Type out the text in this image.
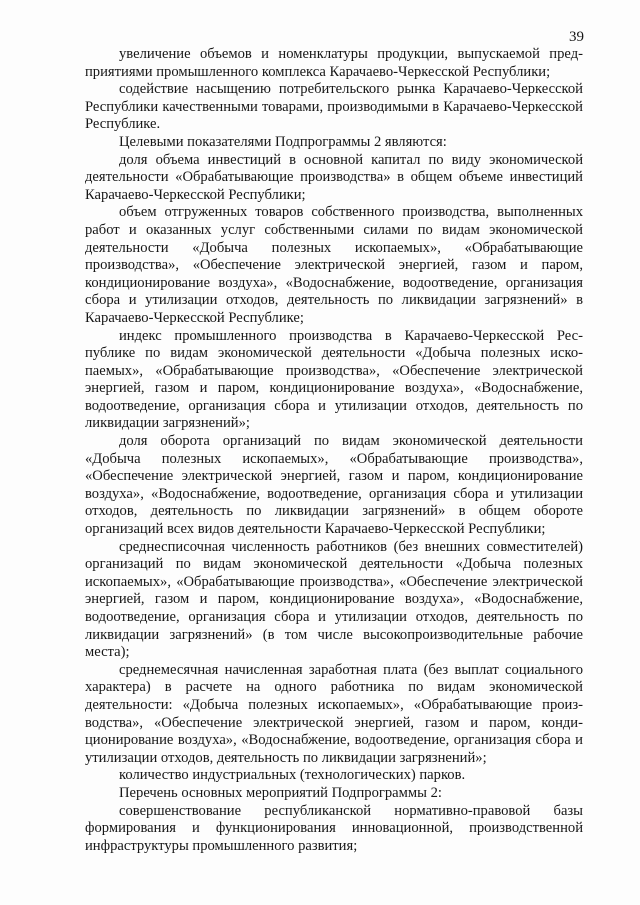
39

увеличение объемов и номенклатуры продукции, выпускаемой предприятиями промышленного комплекса Карачаево-Черкесской Республики;

содействие насыщению потребительского рынка Карачаево-Черкесской Республики качественными товарами, производимыми в Карачаево-Черкесской Республике.

Целевыми показателями Подпрограммы 2 являются:

доля объема инвестиций в основной капитал по виду экономической деятельности «Обрабатывающие производства» в общем объеме инвестиций Карачаево-Черкесской Республики;

объем отгруженных товаров собственного производства, выполненных работ и оказанных услуг собственными силами по видам экономической деятельности «Добыча полезных ископаемых», «Обрабатывающие производства», «Обеспечение электрической энергией, газом и паром, кондиционирование воздуха», «Водоснабжение, водоотведение, организация сбора и утилизации отходов, деятельность по ликвидации загрязнений» в Карачаево-Черкесской Республике;

индекс промышленного производства в Карачаево-Черкесской Республике по видам экономической деятельности «Добыча полезных ископаемых», «Обрабатывающие производства», «Обеспечение электрической энергией, газом и паром, кондиционирование воздуха», «Водоснабжение, водоотведение, организация сбора и утилизации отходов, деятельность по ликвидации загрязнений»;

доля оборота организаций по видам экономической деятельности «Добыча полезных ископаемых», «Обрабатывающие производства», «Обеспечение электрической энергией, газом и паром, кондиционирование воздуха», «Водоснабжение, водоотведение, организация сбора и утилизации отходов, деятельность по ликвидации загрязнений» в общем обороте организаций всех видов деятельности Карачаево-Черкесской Республики;

среднесписочная численность работников (без внешних совместителей) организаций по видам экономической деятельности «Добыча полезных ископаемых», «Обрабатывающие производства», «Обеспечение электрической энергией, газом и паром, кондиционирование воздуха», «Водоснабжение, водоотведение, организация сбора и утилизации отходов, деятельность по ликвидации загрязнений» (в том числе высокопроизводительные рабочие места);

среднемесячная начисленная заработная плата (без выплат социального характера) в расчете на одного работника по видам экономической деятельности: «Добыча полезных ископаемых», «Обрабатывающие производства», «Обеспечение электрической энергией, газом и паром, кондиционирование воздуха», «Водоснабжение, водоотведение, организация сбора и утилизации отходов, деятельность по ликвидации загрязнений»;

количество индустриальных (технологических) парков.

Перечень основных мероприятий Подпрограммы 2:

совершенствование республиканской нормативно-правовой базы формирования и функционирования инновационной, производственной инфраструктуры промышленного развития;
